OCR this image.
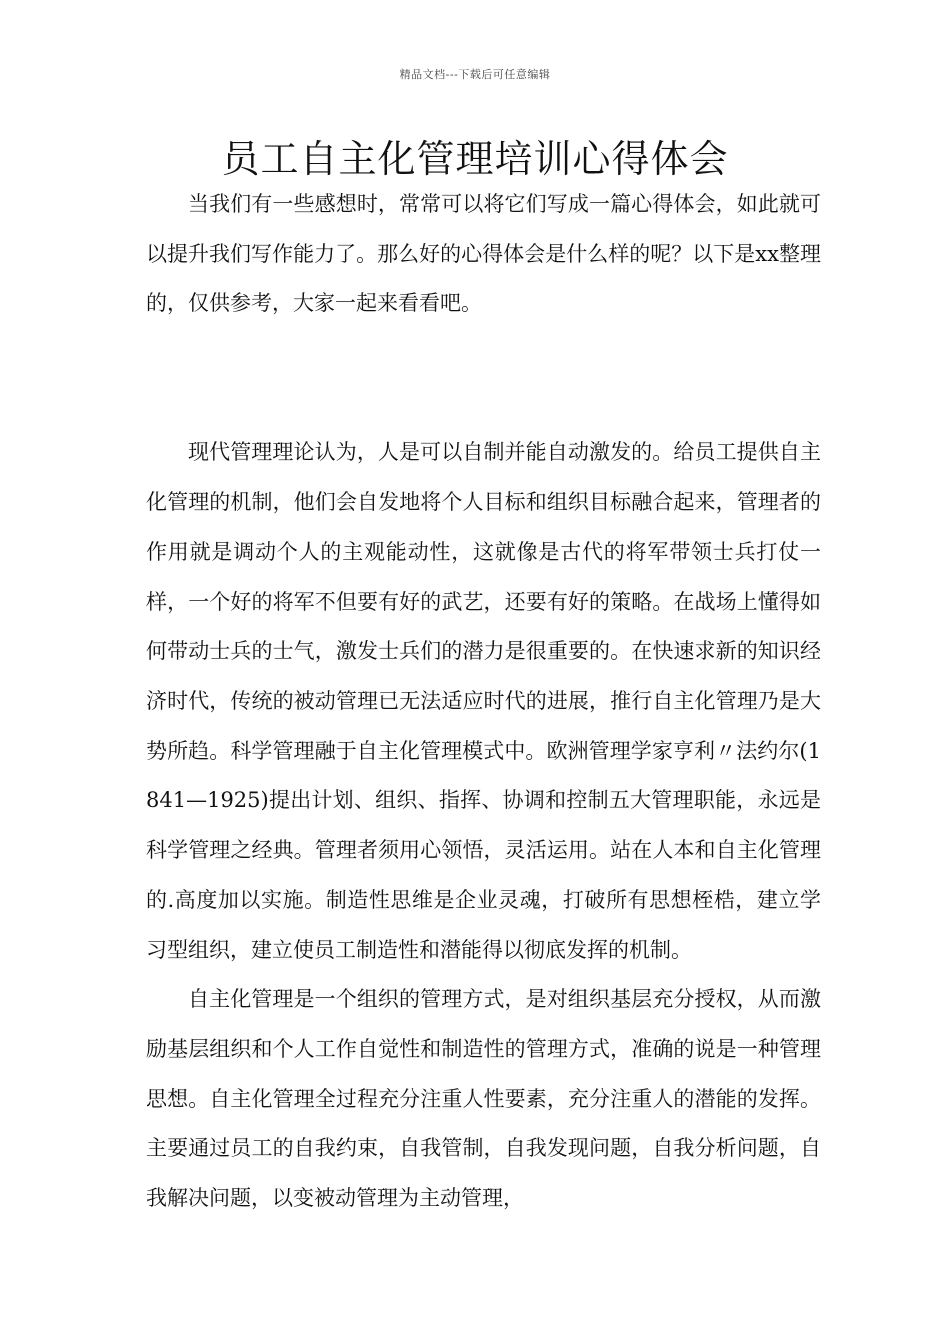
精品文档---下载后可任意编辑
员工自主化管理培训心得体会

当我们有一些感想时，常常可以将它们写成一篇心得体会，如此就可以提升我们写作能力了。那么好的心得体会是什么样的呢？以下是xx整理的，仅供参考，大家一起来看看吧。

现代管理理论认为，人是可以自制并能自动激发的。给员工提供自主化管理的机制，他们会自发地将个人目标和组织目标融合起来，管理者的作用就是调动个人的主观能动性，这就像是古代的将军带领士兵打仗一样，一个好的将军不但要有好的武艺，还要有好的策略。在战场上懂得如何带动士兵的士气，激发士兵们的潜力是很重要的。在快速求新的知识经济时代，传统的被动管理已无法适应时代的进展，推行自主化管理乃是大势所趋。科学管理融于自主化管理模式中。欧洲管理学家亨利〃法约尔(1841—1925)提出计划、组织、指挥、协调和控制五大管理职能，永远是科学管理之经典。管理者须用心领悟，灵活运用。站在人本和自主化管理的.高度加以实施。制造性思维是企业灵魂，打破所有思想桎梏，建立学习型组织，建立使员工制造性和潜能得以彻底发挥的机制。

自主化管理是一个组织的管理方式，是对组织基层充分授权，从而激励基层组织和个人工作自觉性和制造性的管理方式，准确的说是一种管理思想。自主化管理全过程充分注重人性要素，充分注重人的潜能的发挥。主要通过员工的自我约束，自我管制，自我发现问题，自我分析问题，自我解决问题，以变被动管理为主动管理，
